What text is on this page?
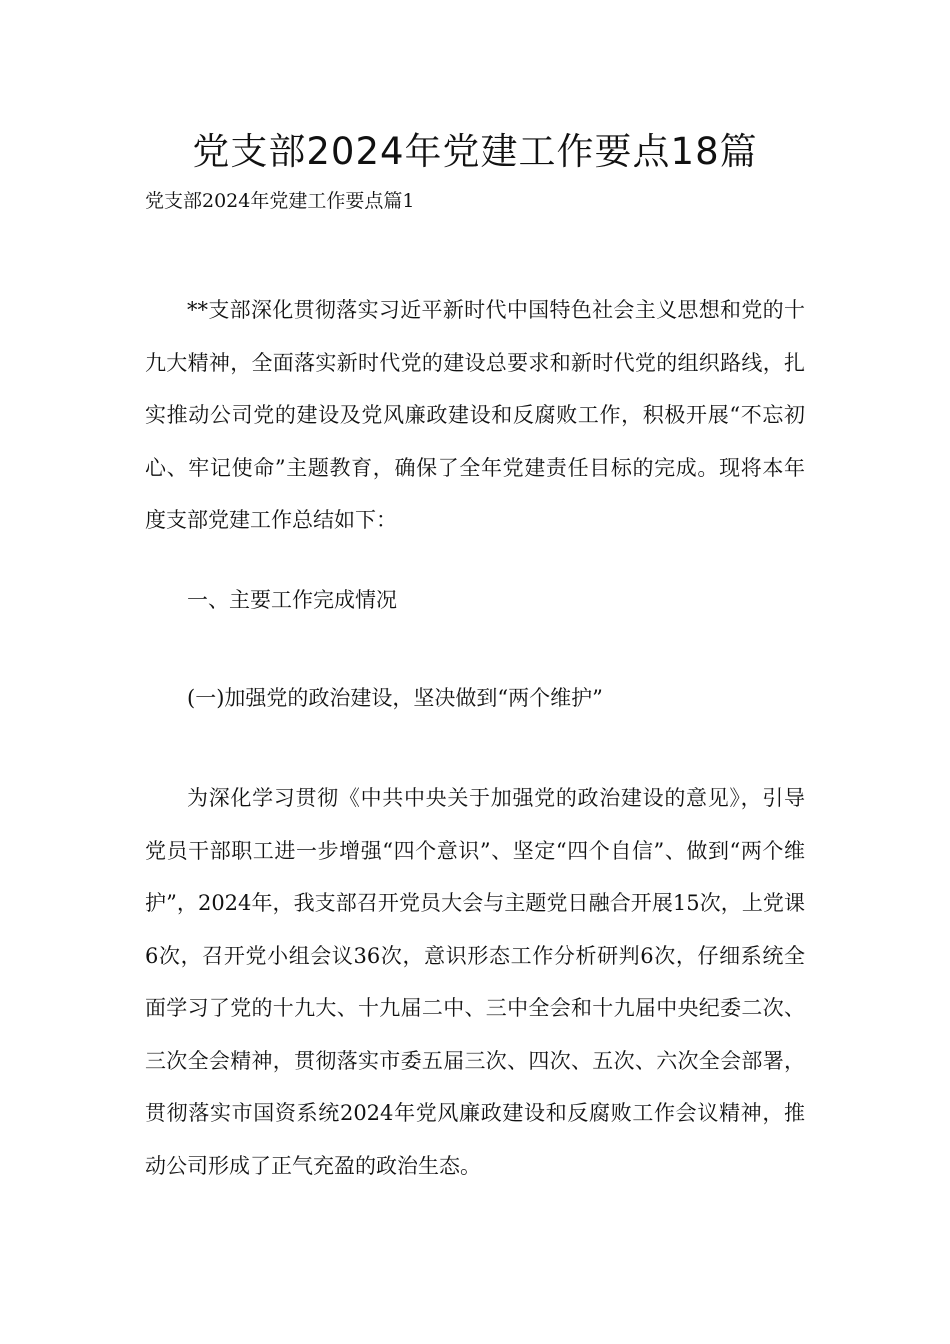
党支部2024年党建工作要点18篇

党支部2024年党建工作要点篇1

**支部深化贯彻落实习近平新时代中国特色社会主义思想和党的十九大精神，全面落实新时代党的建设总要求和新时代党的组织路线，扎实推动公司党的建设及党风廉政建设和反腐败工作，积极开展“不忘初心、牢记使命”主题教育，确保了全年党建责任目标的完成。现将本年度支部党建工作总结如下：

一、主要工作完成情况

(一)加强党的政治建设，坚决做到“两个维护”

为深化学习贯彻《中共中央关于加强党的政治建设的意见》，引导党员干部职工进一步增强“四个意识”、坚定“四个自信”、做到“两个维护”，2024年，我支部召开党员大会与主题党日融合开展15次，上党课6次，召开党小组会议36次，意识形态工作分析研判6次，仔细系统全面学习了党的十九大、十九届二中、三中全会和十九届中央纪委二次、三次全会精神，贯彻落实市委五届三次、四次、五次、六次全会部署，贯彻落实市国资系统2024年党风廉政建设和反腐败工作会议精神，推动公司形成了正气充盈的政治生态。
